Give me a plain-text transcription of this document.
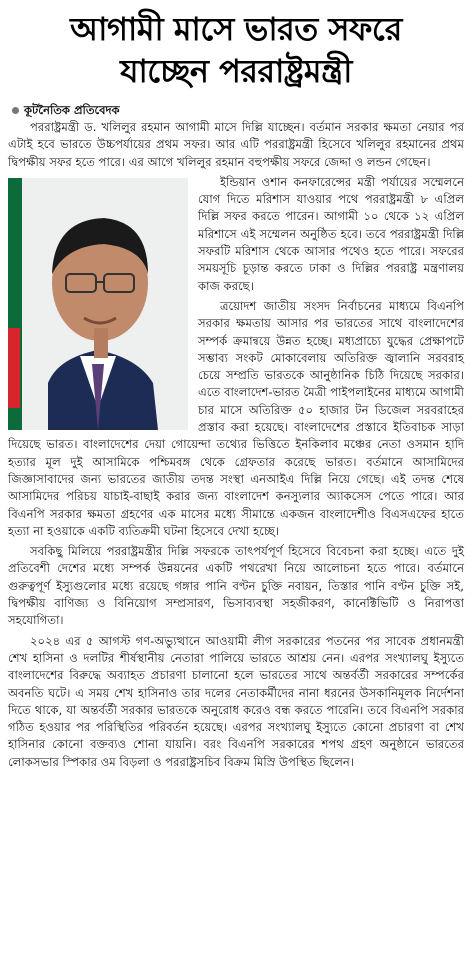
আগামী মাসে ভারত সফরে
যাচ্ছেন পররাষ্ট্রমন্ত্রী
কূটনৈতিক প্রতিবেদক

পররাষ্ট্রমন্ত্রী ড. খলিলুর রহমান আগামী মাসে দিল্লি যাচ্ছেন। বর্তমান সরকার ক্ষমতা নেয়ার পর এটাই হবে ভারতে উচ্চপর্যায়ের প্রথম সফর। আর এটি পররাষ্ট্রমন্ত্রী হিসেবে খলিলুর রহমানের প্রথম দ্বিপক্ষীয় সফর হতে পারে। এর আগে খলিলুর রহমান বহুপক্ষীয় সফরে জেদ্দা ও লন্ডন গেছেন।

ইন্ডিয়ান ওশান কনফারেন্সের মন্ত্রী পর্যায়ের সম্মেলনে যোগ দিতে মরিশাস যাওয়ার পথে পররাষ্ট্রমন্ত্রী ৮ এপ্রিল দিল্লি সফর করতে পারেন। আগামী ১০ থেকে ১২ এপ্রিল মরিশাসে এই সম্মেলন অনুষ্ঠিত হবে। তবে পররাষ্ট্রমন্ত্রী দিল্লি সফরটি মরিশাস থেকে আসার পথেও হতে পারে। সফরের সময়সূচি চূড়ান্ত করতে ঢাকা ও দিল্লির পররাষ্ট্র মন্ত্রণালয় কাজ করছে।

ত্রয়োদশ জাতীয় সংসদ নির্বাচনের মাধ্যমে বিএনপি সরকার ক্ষমতায় আসার পর ভারতের সাথে বাংলাদেশের সম্পর্ক ক্রমান্বয়ে উন্নত হচ্ছে। মধ্যপ্রাচ্যে যুদ্ধের প্রেক্ষাপটে সম্ভাব্য সংকট মোকাবেলায় অতিরিক্ত জ্বালানি সরবরাহ চেয়ে সম্প্রতি ভারতকে আনুষ্ঠানিক চিঠি দিয়েছে সরকার। এতে বাংলাদেশ-ভারত মৈত্রী পাইপলাইনের মাধ্যমে আগামী চার মাসে অতিরিক্ত ৫০ হাজার টন ডিজেল সরবরাহের প্রস্তাব করা হয়েছে। বাংলাদেশের প্রস্তাবে ইতিবাচক সাড়া দিয়েছে ভারত। বাংলাদেশের দেয়া গোয়েন্দা তথ্যের ভিত্তিতে ইনকিলাব মঞ্চের নেতা ওসমান হাদি হত্যার মূল দুই আসামিকে পশ্চিমবঙ্গ থেকে গ্রেফতার করেছে ভারত। বর্তমানে আসামিদের জিজ্ঞাসাবাদের জন্য ভারতের জাতীয় তদন্ত সংস্থা এনআইএ দিল্লি নিয়ে গেছে। এই তদন্ত শেষে আসামিদের পরিচয় যাচাই-বাছাই করার জন্য বাংলাদেশ কনস্যুলার অ্যাকসেস পেতে পারে। আর বিএনপি সরকার ক্ষমতা গ্রহণের এক মাসের মধ্যে সীমান্তে একজন বাংলাদেশীও বিএসএফের হাতে হত্যা না হওয়াকে একটি ব্যতিক্রমী ঘটনা হিসেবে দেখা হচ্ছে।

সবকিছু মিলিয়ে পররাষ্ট্রমন্ত্রীর দিল্লি সফরকে তাৎপর্যপূর্ণ হিসেবে বিবেচনা করা হচ্ছে। এতে দুই প্রতিবেশী দেশের মধ্যে সম্পর্ক উন্নয়নের একটি পথরেখা নিয়ে আলোচনা হতে পারে। বর্তমানে গুরুত্বপূর্ণ ইস্যুগুলোর মধ্যে রয়েছে গঙ্গার পানি বণ্টন চুক্তি নবায়ন, তিস্তার পানি বণ্টন চুক্তি সই, দ্বিপক্ষীয় বাণিজ্য ও বিনিয়োগ সম্প্রসারণ, ভিসাব্যবস্থা সহজীকরণ, কানেক্টিভিটি ও নিরাপত্তা সহযোগিতা।

২০২৪ এর ৫ আগস্ট গণ-অভ্যুত্থানে আওয়ামী লীগ সরকারের পতনের পর সাবেক প্রধানমন্ত্রী শেখ হাসিনা ও দলটির শীর্ষস্থানীয় নেতারা পালিয়ে ভারতে আশ্রয় নেন। এরপর সংখ্যালঘু ইস্যুতে বাংলাদেশের বিরুদ্ধে অব্যাহত প্রচারণা চালানো হলে ভারতের সাথে অন্তর্বর্তী সরকারের সম্পর্কের অবনতি ঘটে। এ সময় শেখ হাসিনাও তার দলের নেতাকর্মীদের নানা ধরনের উসকানিমূলক নির্দেশনা দিতে থাকে, যা অন্তর্বর্তী সরকার ভারতকে অনুরোধ করেও বন্ধ করতে পারেনি। তবে বিএনপি সরকার গঠিত হওয়ার পর পরিস্থিতির পরিবর্তন হয়েছে। এরপর সংখ্যালঘু ইস্যুতে কোনো প্রচারণা বা শেখ হাসিনার কোনো বক্তব্যও শোনা যায়নি। বরং বিএনপি সরকারের শপথ গ্রহণ অনুষ্ঠানে ভারতের লোকসভার স্পিকার ওম বিড়লা ও পররাষ্ট্রসচিব বিক্রম মিস্রি উপস্থিত ছিলেন।
